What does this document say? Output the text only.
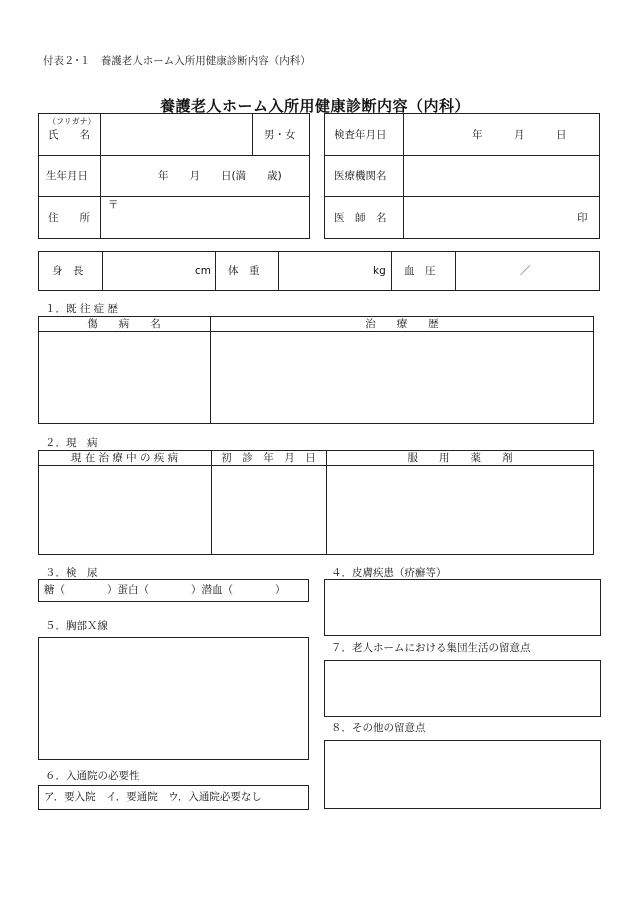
付表２･１　養護老人ホーム入所用健康診断内容（内科）
養護老人ホーム入所用健康診断内容（内科）
（フリガナ）
氏　　名	男・女
生年月日	年　　月　　日(満　　歳)
〒
住　　所
検査年月日	年　　　月　　　日
医療機関名
医　師　名	印
身　長	cm 体　重	kg 血　圧	／
１．既 往 症 歴
傷　　病　　名	治　　療　　歴
２．現　病
現 在 治 療 中 の 疾 病	初　診　年　月　日	服　　用　　薬　　剤
３．検　尿
糖（　　　　）蛋白（　　　　）潜血（　　　　）
４．皮膚疾患（疥癬等）
５．胸部Ｘ線
７．老人ホームにおける集団生活の留意点
８．その他の留意点
６．入通院の必要性
ア．要入院　イ．要通院　ウ．入通院必要なし
